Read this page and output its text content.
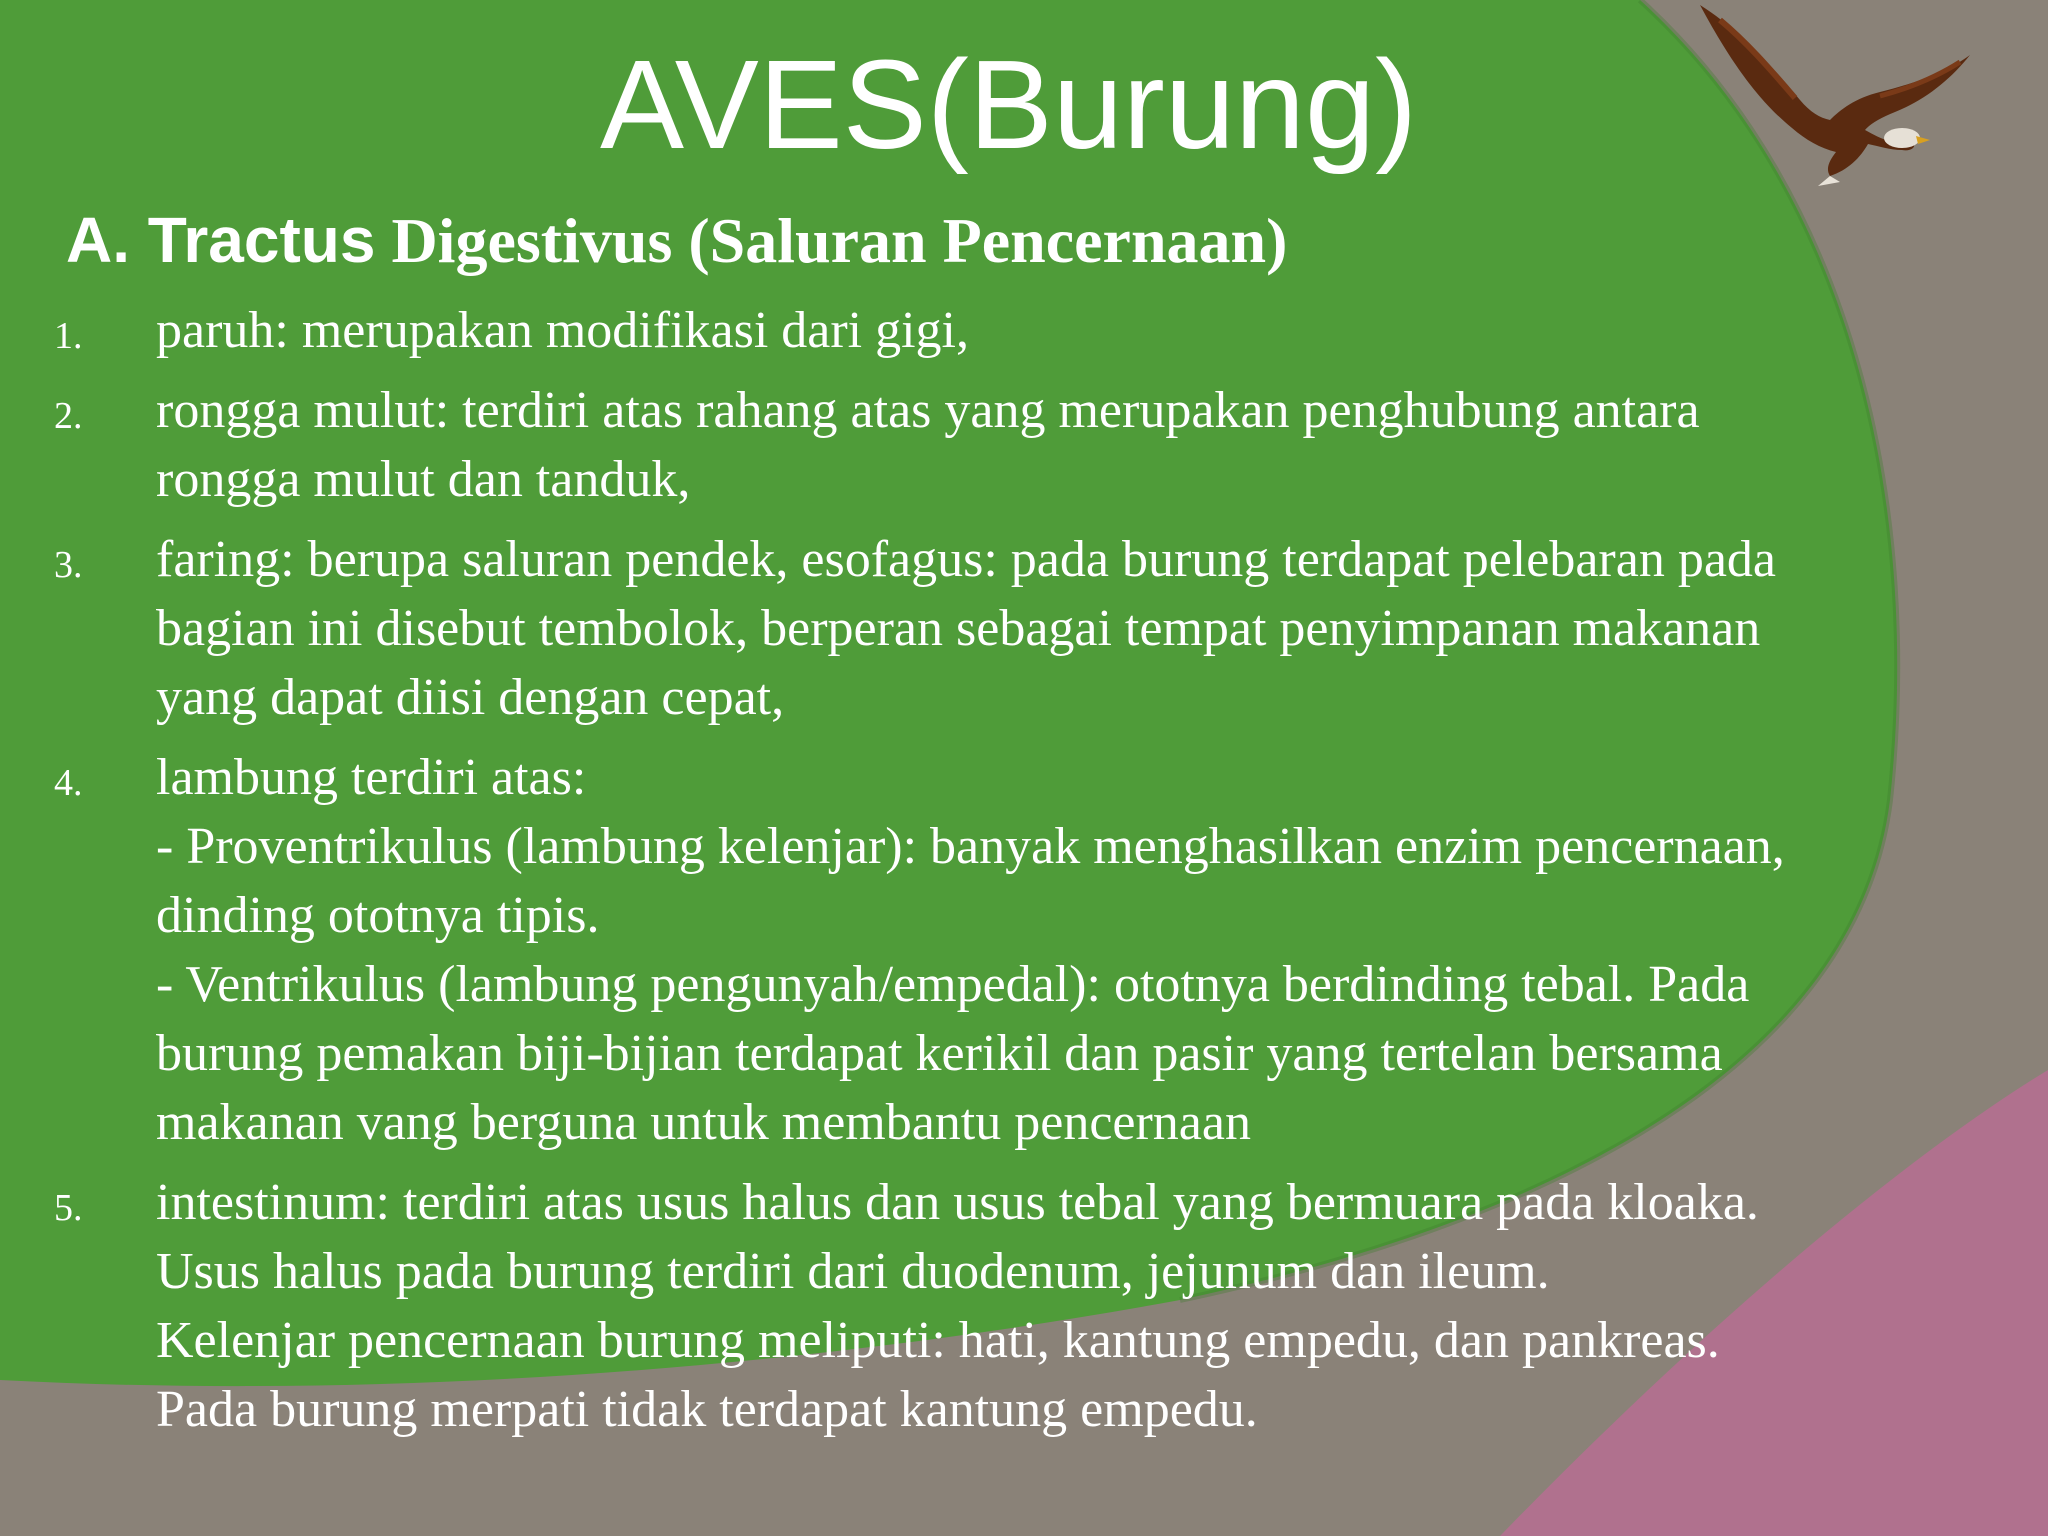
AVES(Burung)
A. Tractus Digestivus (Saluran Pencernaan)
1. paruh: merupakan modifikasi dari gigi,
2. rongga mulut: terdiri atas rahang atas yang merupakan penghubung antara
rongga mulut dan tanduk,
3. faring: berupa saluran pendek, esofagus: pada burung terdapat pelebaran pada
bagian ini disebut tembolok, berperan sebagai tempat penyimpanan makanan
yang dapat diisi dengan cepat,
4. lambung terdiri atas:
- Proventrikulus (lambung kelenjar): banyak menghasilkan enzim pencernaan,
dinding ototnya tipis.
- Ventrikulus (lambung pengunyah/empedal): ototnya berdinding tebal. Pada
burung pemakan biji-bijian terdapat kerikil dan pasir yang tertelan bersama
makanan vang berguna untuk membantu pencernaan
5. intestinum: terdiri atas usus halus dan usus tebal yang bermuara pada kloaka.
Usus halus pada burung terdiri dari duodenum, jejunum dan ileum.
Kelenjar pencernaan burung meliputi: hati, kantung empedu, dan pankreas.
Pada burung merpati tidak terdapat kantung empedu.
